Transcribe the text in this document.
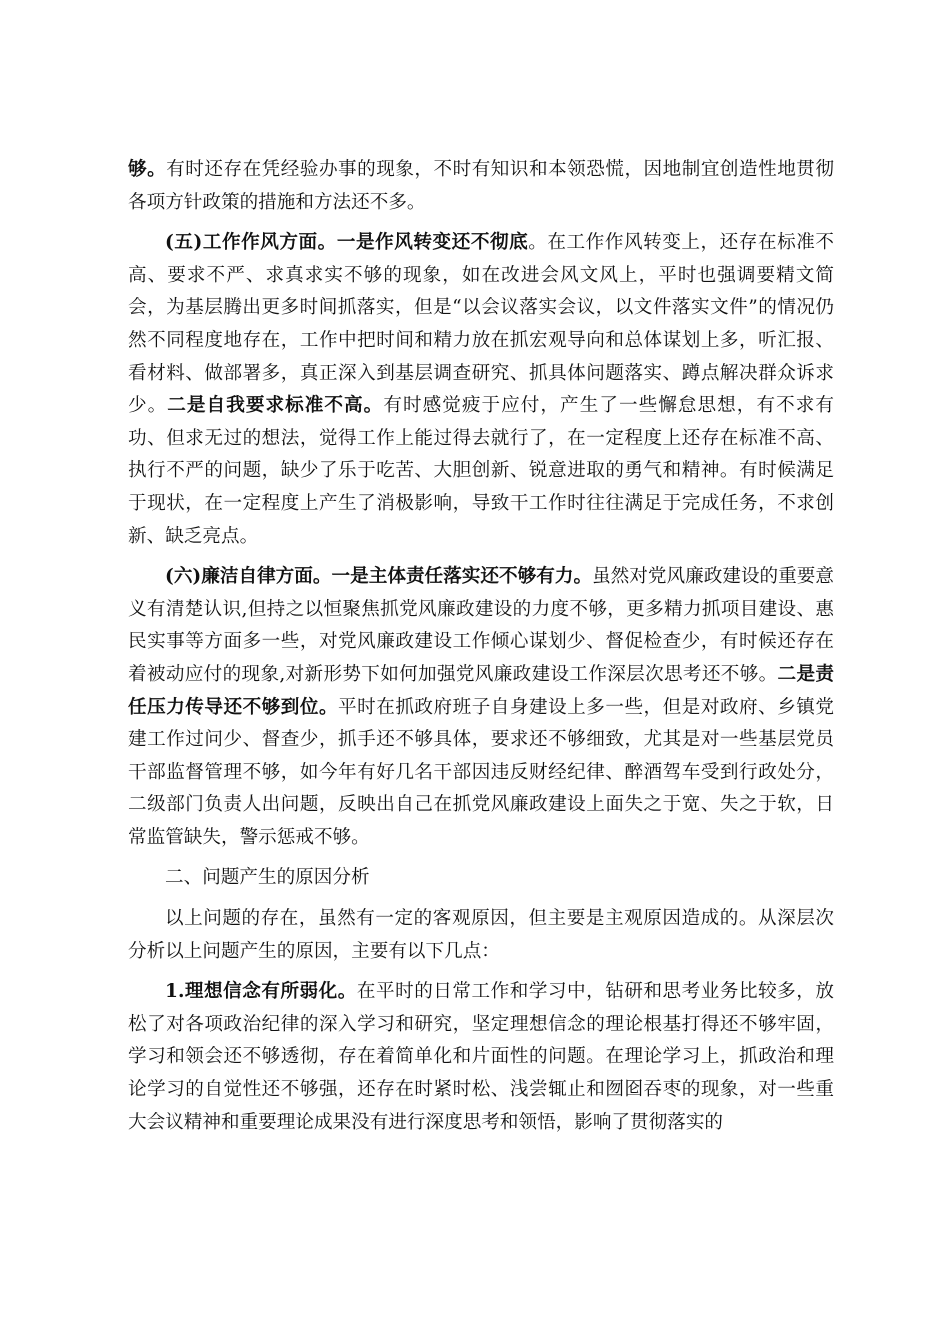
够。有时还存在凭经验办事的现象，不时有知识和本领恐慌，因地制宜创造性地贯彻各项方针政策的措施和方法还不多。

(五)工作作风方面。一是作风转变还不彻底。在工作作风转变上，还存在标准不高、要求不严、求真求实不够的现象，如在改进会风文风上，平时也强调要精文简会，为基层腾出更多时间抓落实，但是“以会议落实会议，以文件落实文件”的情况仍然不同程度地存在，工作中把时间和精力放在抓宏观导向和总体谋划上多，听汇报、看材料、做部署多，真正深入到基层调查研究、抓具体问题落实、蹲点解决群众诉求少。二是自我要求标准不高。有时感觉疲于应付，产生了一些懈怠思想，有不求有功、但求无过的想法，觉得工作上能过得去就行了，在一定程度上还存在标准不高、执行不严的问题，缺少了乐于吃苦、大胆创新、锐意进取的勇气和精神。有时候满足于现状，在一定程度上产生了消极影响，导致干工作时往往满足于完成任务，不求创新、缺乏亮点。

(六)廉洁自律方面。一是主体责任落实还不够有力。虽然对党风廉政建设的重要意义有清楚认识,但持之以恒聚焦抓党风廉政建设的力度不够，更多精力抓项目建设、惠民实事等方面多一些，对党风廉政建设工作倾心谋划少、督促检查少，有时候还存在着被动应付的现象,对新形势下如何加强党风廉政建设工作深层次思考还不够。二是责任压力传导还不够到位。平时在抓政府班子自身建设上多一些，但是对政府、乡镇党建工作过问少、督查少，抓手还不够具体，要求还不够细致，尤其是对一些基层党员干部监督管理不够，如今年有好几名干部因违反财经纪律、醉酒驾车受到行政处分，二级部门负责人出问题，反映出自己在抓党风廉政建设上面失之于宽、失之于软，日常监管缺失，警示惩戒不够。

二、问题产生的原因分析

以上问题的存在，虽然有一定的客观原因，但主要是主观原因造成的。从深层次分析以上问题产生的原因，主要有以下几点：

1.理想信念有所弱化。在平时的日常工作和学习中，钻研和思考业务比较多，放松了对各项政治纪律的深入学习和研究，坚定理想信念的理论根基打得还不够牢固，学习和领会还不够透彻，存在着简单化和片面性的问题。在理论学习上，抓政治和理论学习的自觉性还不够强，还存在时紧时松、浅尝辄止和囫囵吞枣的现象，对一些重大会议精神和重要理论成果没有进行深度思考和领悟，影响了贯彻落实的
